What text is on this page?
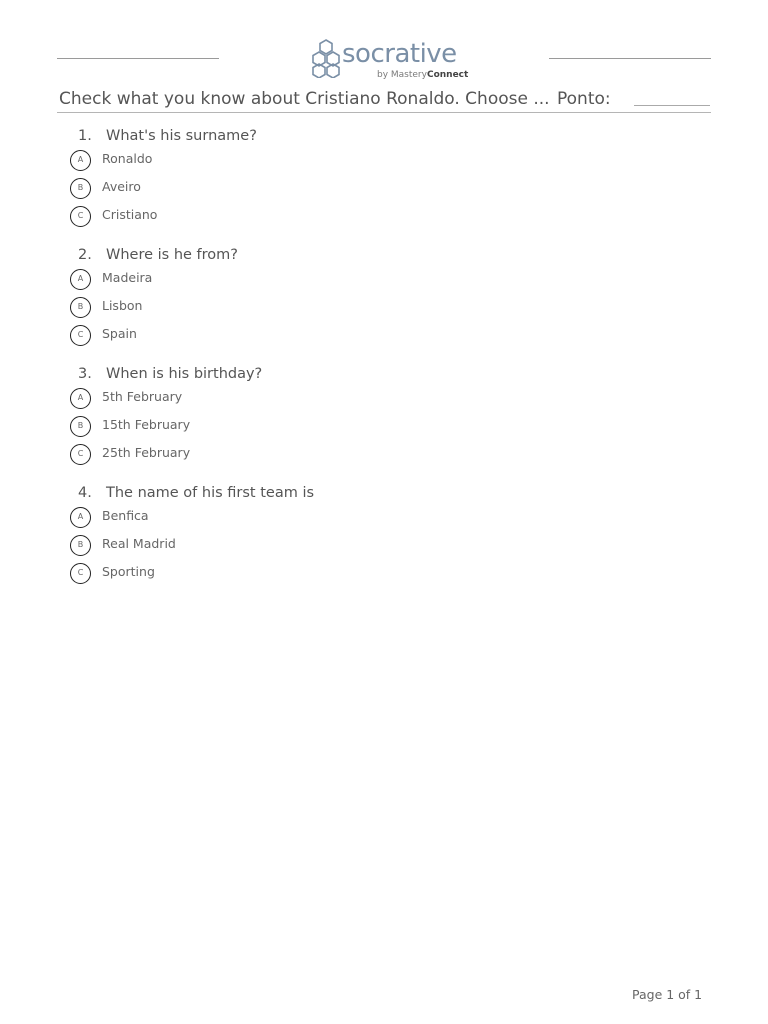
socrative
by MasteryConnect
Check what you know about Cristiano Ronaldo. Choose ... Ponto:
1. What's his surname?
A	Ronaldo
B	Aveiro
C	Cristiano
2. Where is he from?
A	Madeira
B	Lisbon
C	Spain
3. When is his birthday?
A	5th February
B	15th February
C	25th February
4. The name of his first team is
A	Benfica
B	Real Madrid
C	Sporting
Page 1 of 1
